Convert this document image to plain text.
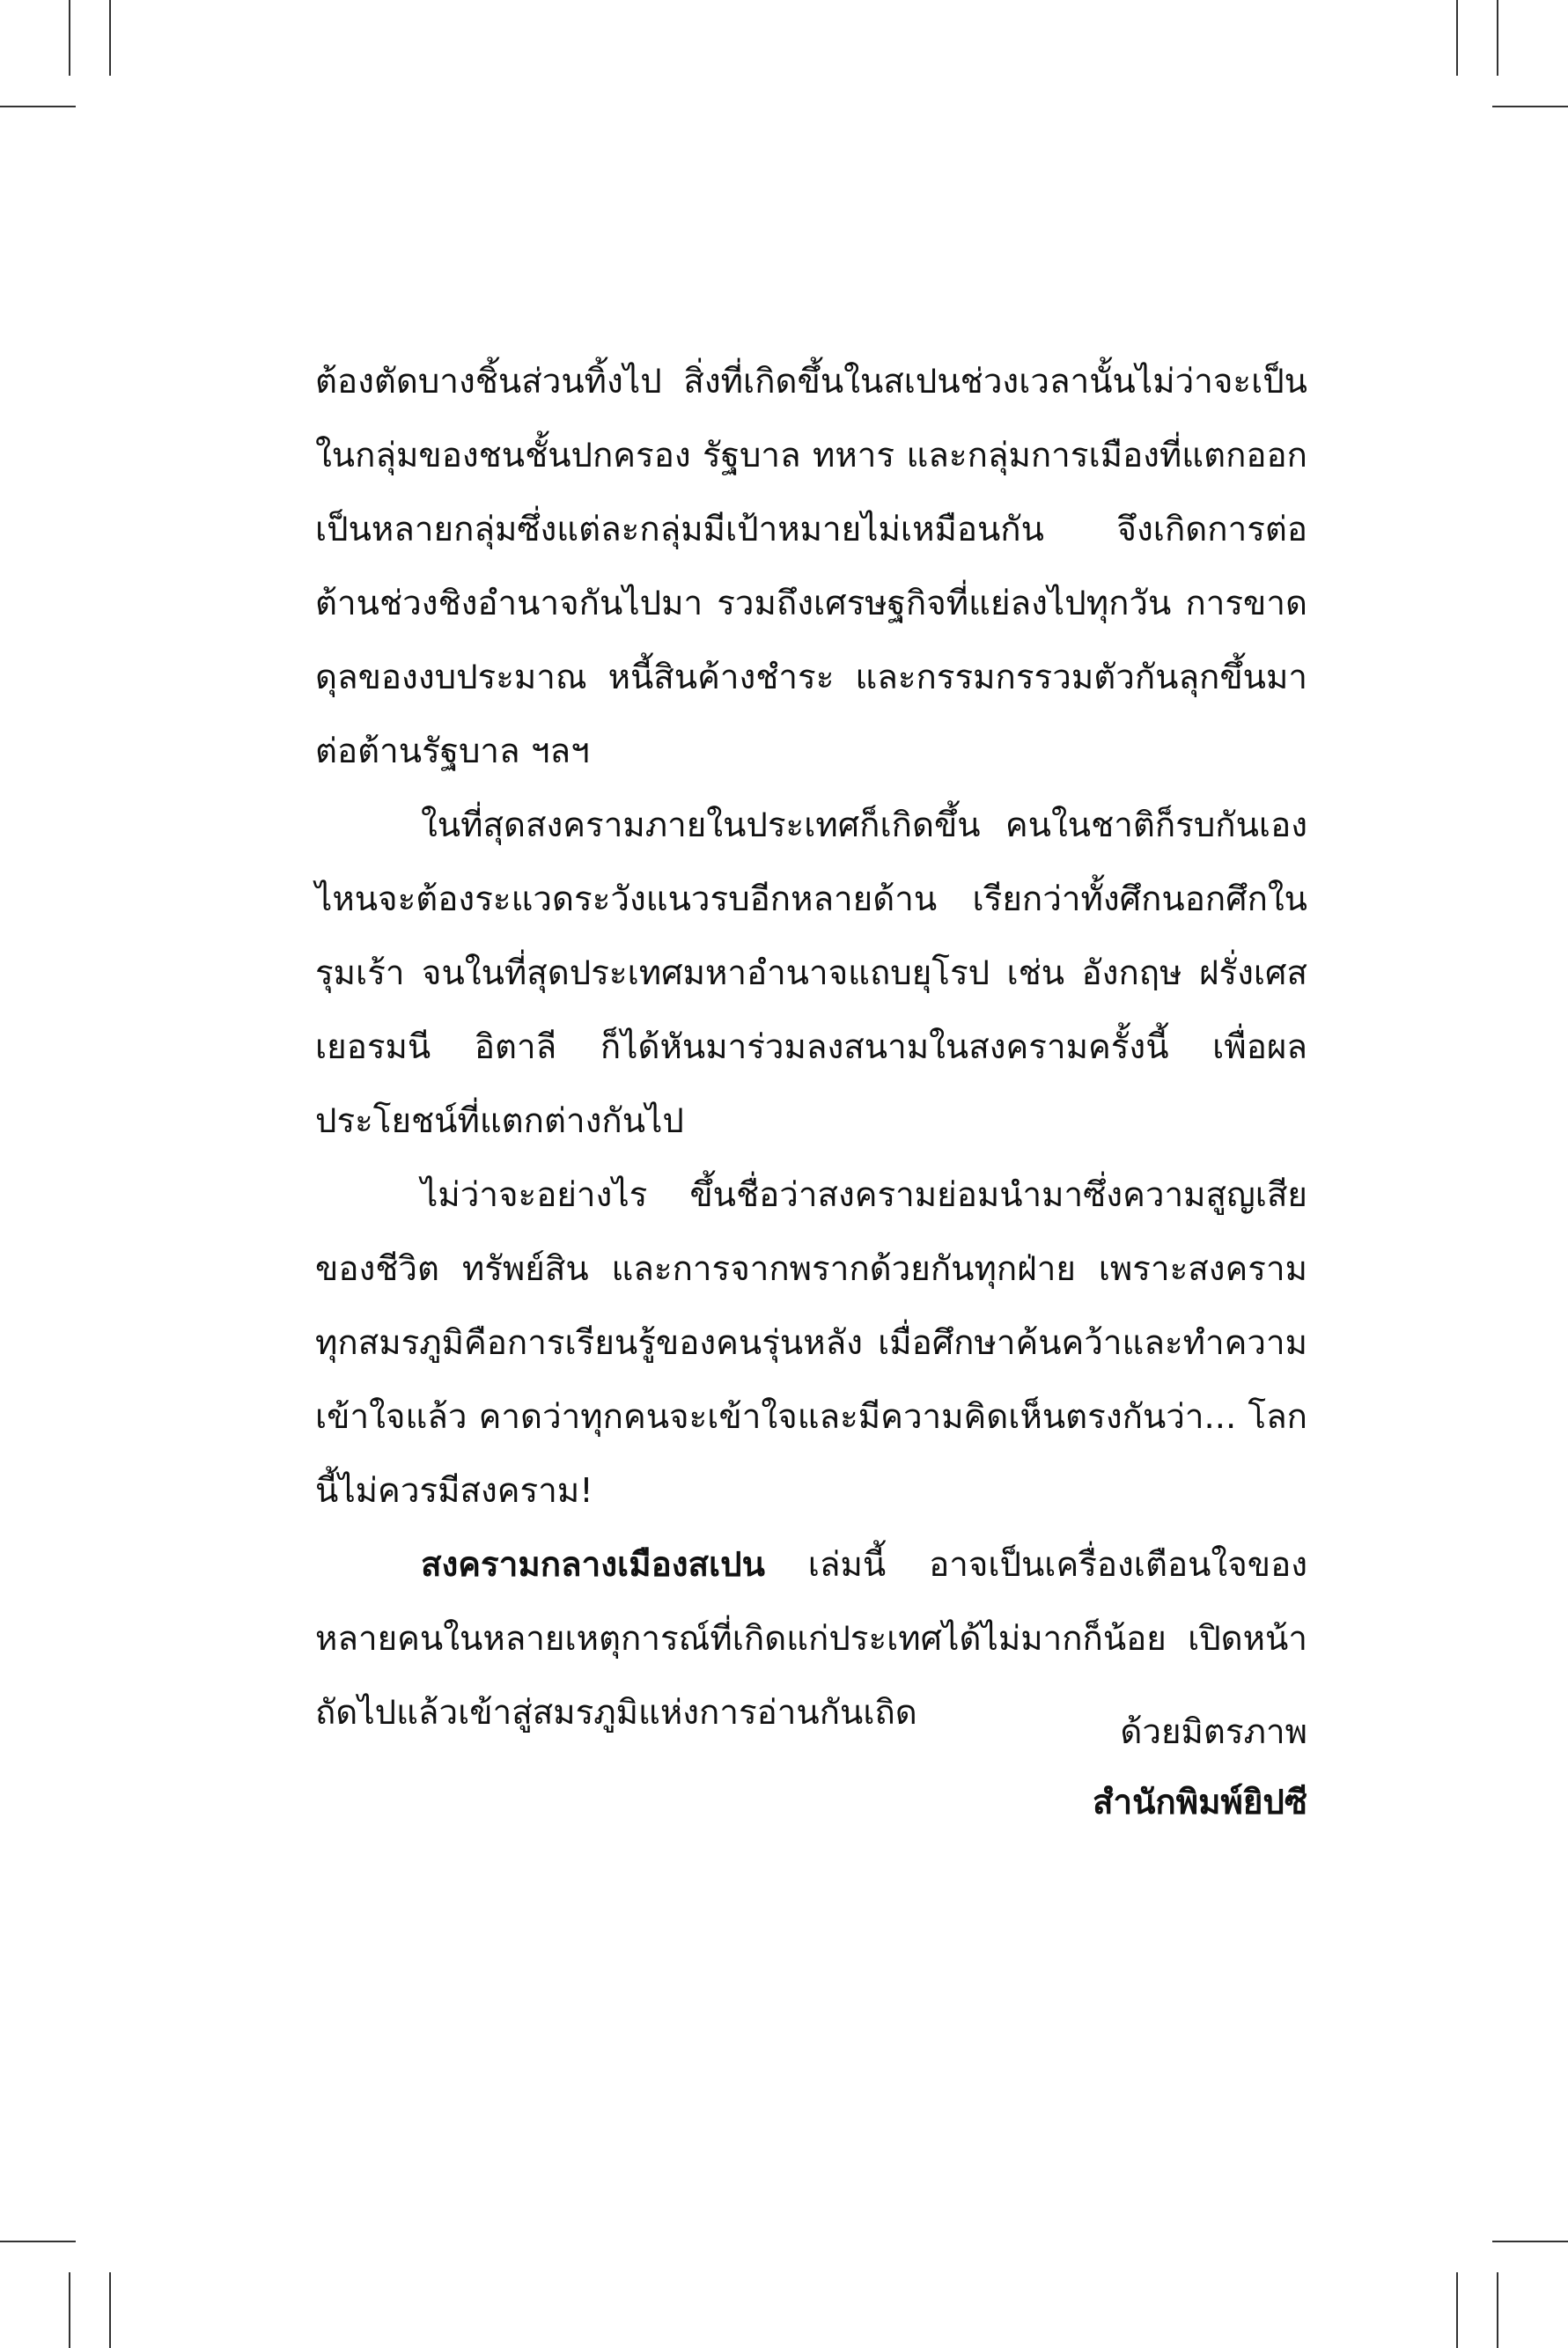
ต้องตัดบางชิ้นส่วนทิ้งไป สิ่งที่เกิดขึ้นในสเปนช่วงเวลานั้นไม่ว่าจะเป็นในกลุ่มของชนชั้นปกครอง รัฐบาล ทหาร และกลุ่มการเมืองที่แตกออกเป็นหลายกลุ่มซึ่งแต่ละกลุ่มมีเป้าหมายไม่เหมือนกัน จึงเกิดการต่อต้านช่วงชิงอำนาจกันไปมา รวมถึงเศรษฐกิจที่แย่ลงไปทุกวัน การขาดดุลของงบประมาณ หนี้สินค้างชำระ และกรรมกรรวมตัวกันลุกขึ้นมาต่อต้านรัฐบาล ฯลฯ

ในที่สุดสงครามภายในประเทศก็เกิดขึ้น คนในชาติก็รบกันเองไหนจะต้องระแวดระวังแนวรบอีกหลายด้าน เรียกว่าทั้งศึกนอกศึกในรุมเร้า จนในที่สุดประเทศมหาอำนาจแถบยุโรป เช่น อังกฤษ ฝรั่งเศส เยอรมนี อิตาลี ก็ได้หันมาร่วมลงสนามในสงครามครั้งนี้ เพื่อผลประโยชน์ที่แตกต่างกันไป

ไม่ว่าจะอย่างไร ขึ้นชื่อว่าสงครามย่อมนำมาซึ่งความสูญเสียของชีวิต ทรัพย์สิน และการจากพรากด้วยกันทุกฝ่าย เพราะสงครามทุกสมรภูมิคือการเรียนรู้ของคนรุ่นหลัง เมื่อศึกษาค้นคว้าและทำความเข้าใจแล้ว คาดว่าทุกคนจะเข้าใจและมีความคิดเห็นตรงกันว่า... โลกนี้ไม่ควรมีสงคราม!

สงครามกลางเมืองสเปน เล่มนี้ อาจเป็นเครื่องเตือนใจของหลายคนในหลายเหตุการณ์ที่เกิดแก่ประเทศได้ไม่มากก็น้อย เปิดหน้าถัดไปแล้วเข้าสู่สมรภูมิแห่งการอ่านกันเถิด	ด้วยมิตรภาพ
สำนักพิมพ์ยิปซี
